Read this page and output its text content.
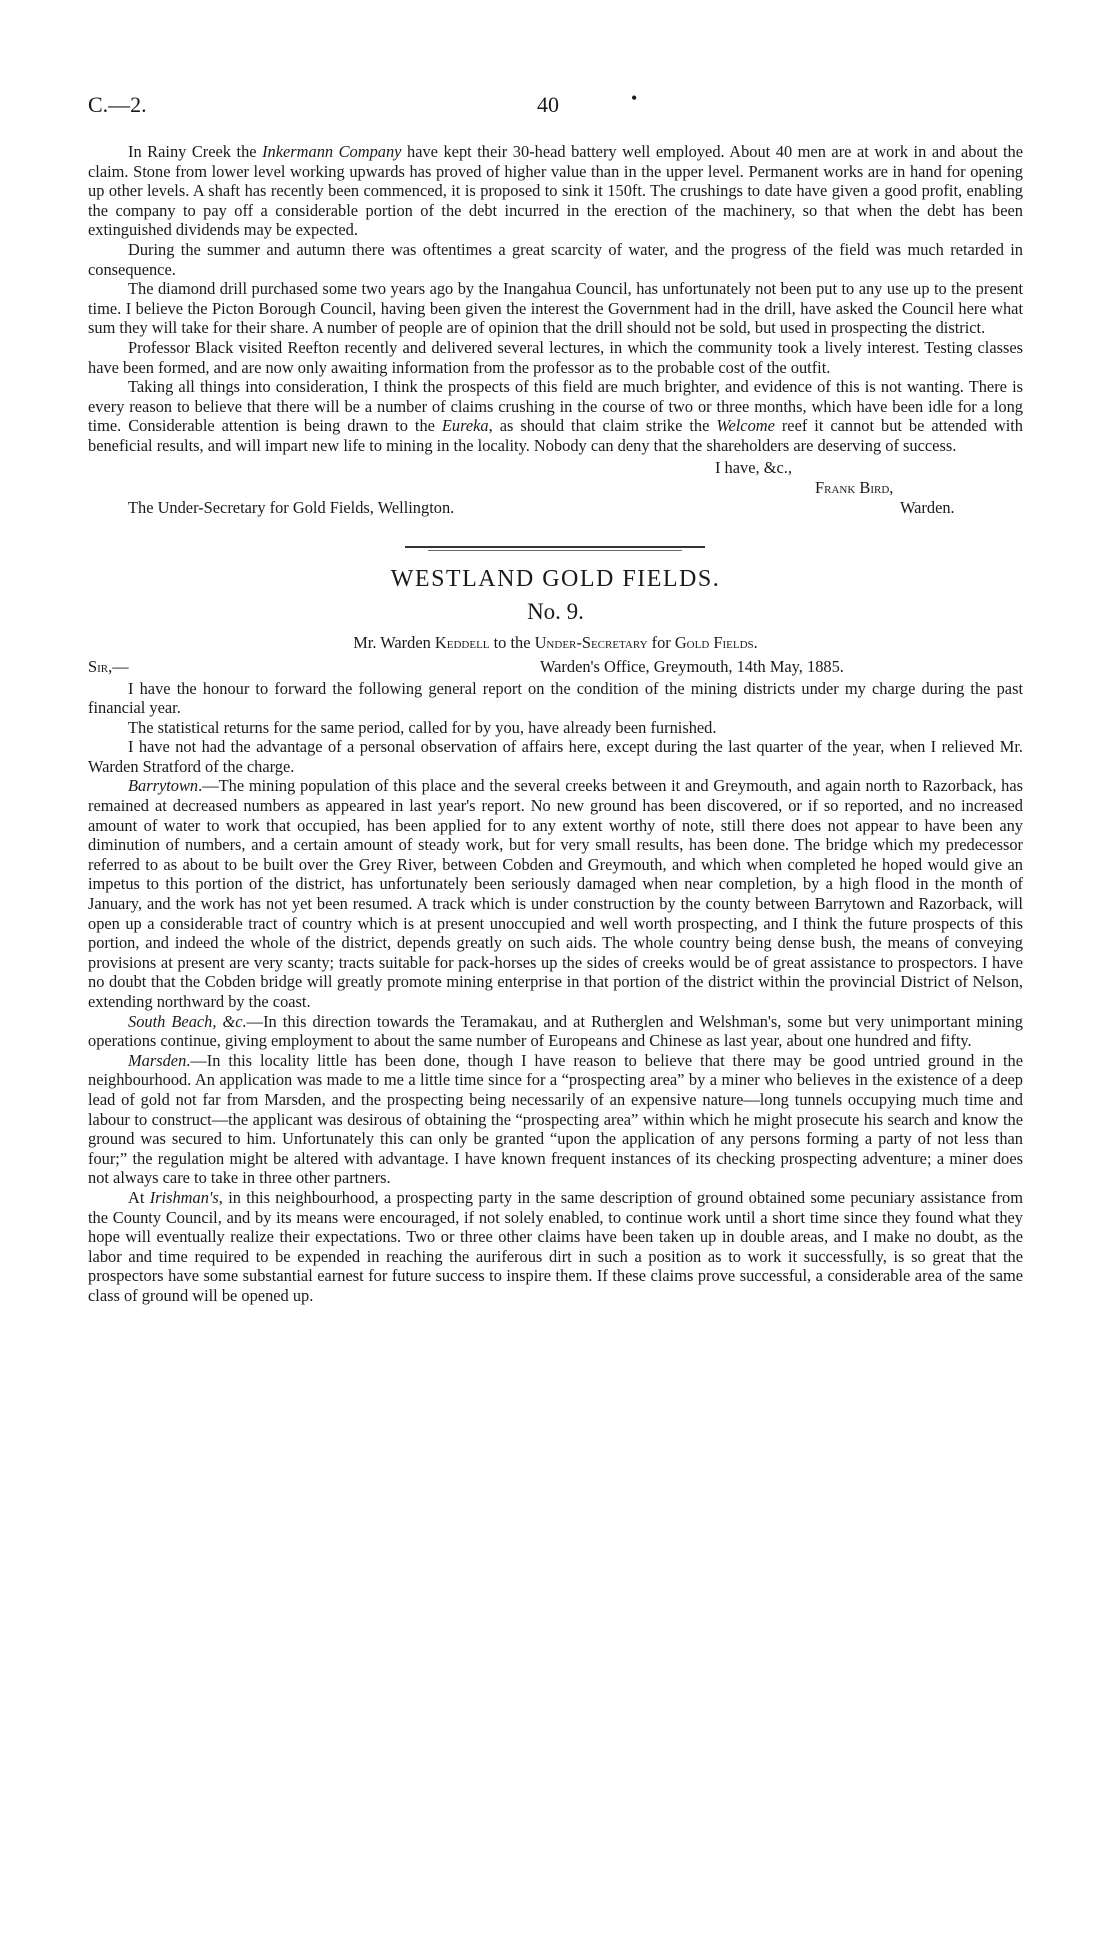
C.—2.	40	•

In Rainy Creek the Inkermann Company have kept their 30-head battery well employed. About 40 men are at work in and about the claim. Stone from lower level working upwards has proved of higher value than in the upper level. Permanent works are in hand for opening up other levels. A shaft has recently been commenced, it is proposed to sink it 150ft. The crushings to date have given a good profit, enabling the company to pay off a considerable portion of the debt incurred in the erection of the machinery, so that when the debt has been extinguished dividends may be expected.

During the summer and autumn there was oftentimes a great scarcity of water, and the progress of the field was much retarded in consequence.

The diamond drill purchased some two years ago by the Inangahua Council, has unfortunately not been put to any use up to the present time. I believe the Picton Borough Council, having been given the interest the Government had in the drill, have asked the Council here what sum they will take for their share. A number of people are of opinion that the drill should not be sold, but used in prospecting the district.

Professor Black visited Reefton recently and delivered several lectures, in which the community took a lively interest. Testing classes have been formed, and are now only awaiting information from the professor as to the probable cost of the outfit.

Taking all things into consideration, I think the prospects of this field are much brighter, and evidence of this is not wanting. There is every reason to believe that there will be a number of claims crushing in the course of two or three months, which have been idle for a long time. Considerable attention is being drawn to the Eureka, as should that claim strike the Welcome reef it cannot but be attended with beneficial results, and will impart new life to mining in the locality. Nobody can deny that the shareholders are deserving of success.

I have, &c.,
Frank Bird,
Warden.
The Under-Secretary for Gold Fields, Wellington.
WESTLAND GOLD FIELDS.
No. 9.
Mr. Warden Keddell to the Under-Secretary for Gold Fields.
Sir,—	Warden's Office, Greymouth, 14th May, 1885.

I have the honour to forward the following general report on the condition of the mining districts under my charge during the past financial year.

The statistical returns for the same period, called for by you, have already been furnished.

I have not had the advantage of a personal observation of affairs here, except during the last quarter of the year, when I relieved Mr. Warden Stratford of the charge.

Barrytown.—The mining population of this place and the several creeks between it and Greymouth, and again north to Razorback, has remained at decreased numbers as appeared in last year's report. No new ground has been discovered, or if so reported, and no increased amount of water to work that occupied, has been applied for to any extent worthy of note, still there does not appear to have been any diminution of numbers, and a certain amount of steady work, but for very small results, has been done. The bridge which my predecessor referred to as about to be built over the Grey River, between Cobden and Greymouth, and which when completed he hoped would give an impetus to this portion of the district, has unfortunately been seriously damaged when near completion, by a high flood in the month of January, and the work has not yet been resumed. A track which is under construction by the county between Barrytown and Razorback, will open up a considerable tract of country which is at present unoccupied and well worth prospecting, and I think the future prospects of this portion, and indeed the whole of the district, depends greatly on such aids. The whole country being dense bush, the means of conveying provisions at present are very scanty; tracts suitable for pack-horses up the sides of creeks would be of great assistance to prospectors. I have no doubt that the Cobden bridge will greatly promote mining enterprise in that portion of the district within the provincial District of Nelson, extending northward by the coast.

South Beach, &c.—In this direction towards the Teramakau, and at Rutherglen and Welshman's, some but very unimportant mining operations continue, giving employment to about the same number of Europeans and Chinese as last year, about one hundred and fifty.

Marsden.—In this locality little has been done, though I have reason to believe that there may be good untried ground in the neighbourhood. An application was made to me a little time since for a “prospecting area” by a miner who believes in the existence of a deep lead of gold not far from Marsden, and the prospecting being necessarily of an expensive nature—long tunnels occupying much time and labour to construct—the applicant was desirous of obtaining the “prospecting area” within which he might prosecute his search and know the ground was secured to him. Unfortunately this can only be granted “upon the application of any persons forming a party of not less than four;” the regulation might be altered with advantage. I have known frequent instances of its checking prospecting adventure; a miner does not always care to take in three other partners.

At Irishman's, in this neighbourhood, a prospecting party in the same description of ground obtained some pecuniary assistance from the County Council, and by its means were encouraged, if not solely enabled, to continue work until a short time since they found what they hope will eventually realize their expectations. Two or three other claims have been taken up in double areas, and I make no doubt, as the labor and time required to be expended in reaching the auriferous dirt in such a position as to work it successfully, is so great that the prospectors have some substantial earnest for future success to inspire them. If these claims prove successful, a considerable area of the same class of ground will be opened up.
